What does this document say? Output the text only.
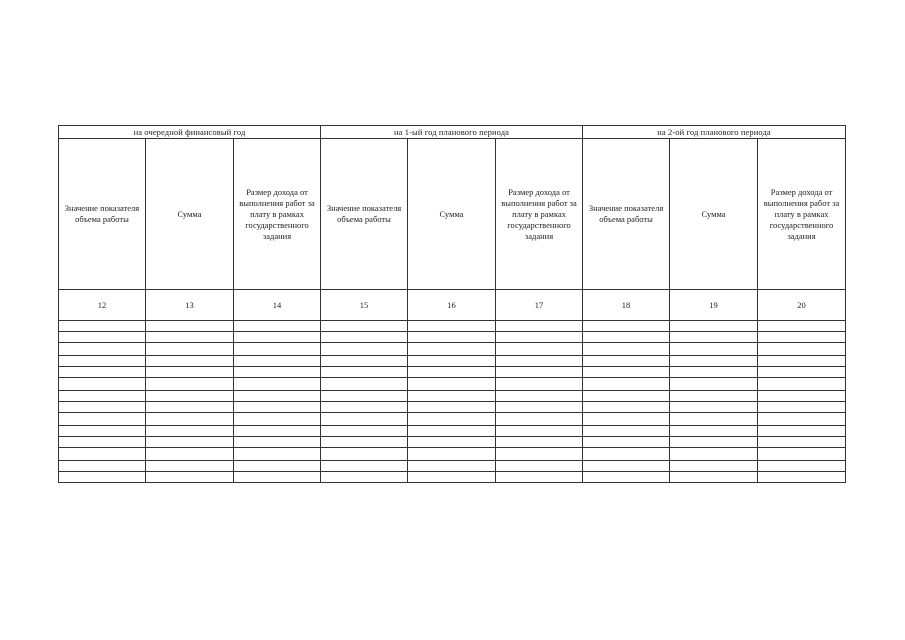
на очередной финансовый год			на 1-ый год планового периода			на 2-ой год планового периода		
Значение показателя объема работы	Сумма	Размер дохода от выполнения работ за плату в рамках государственного задания	Значение показателя объема работы	Сумма	Размер дохода от выполнения работ за плату в рамках государственного задания	Значение показателя объема работы	Сумма	Размер дохода от выполнения работ за плату в рамках государственного задания
12	13	14	15	16	17	18	19	20
